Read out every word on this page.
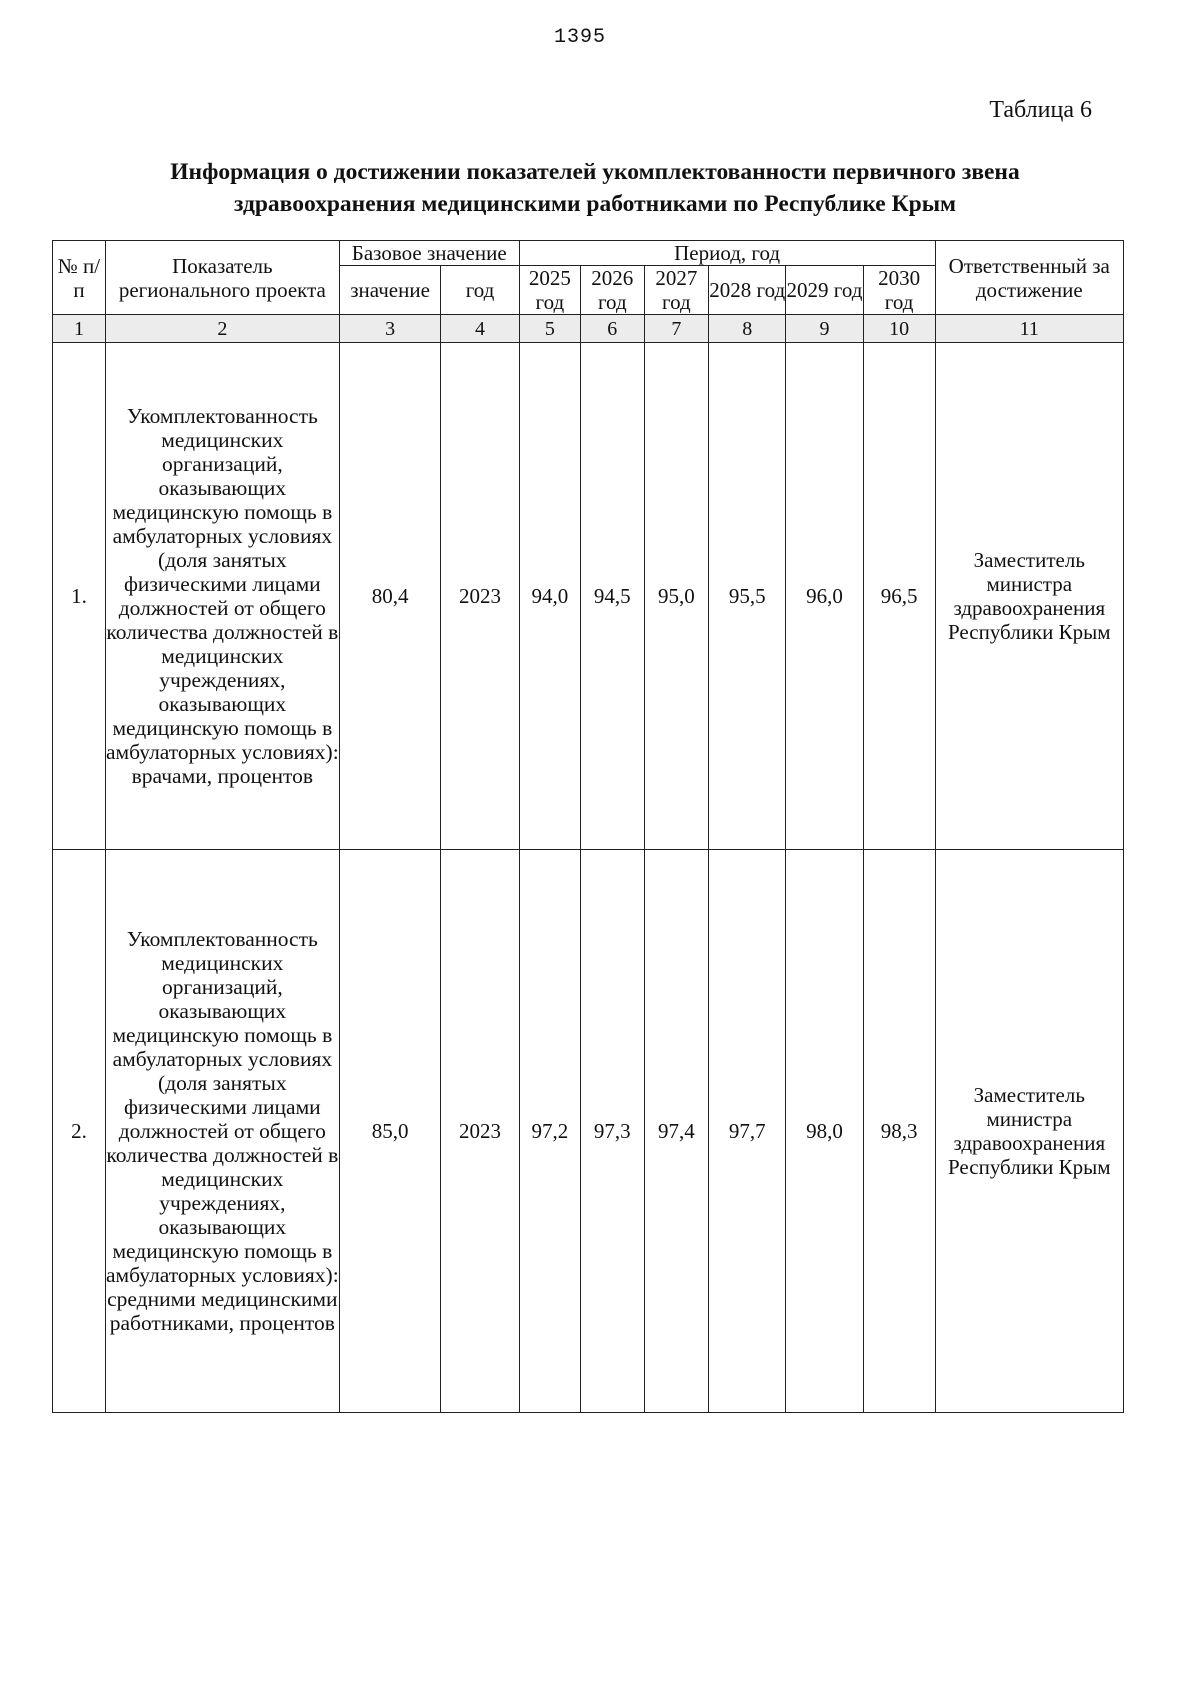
1395
Таблица 6
Информация о достижении показателей укомплектованности первичного звена
здравоохранения медицинскими работниками по Республике Крым
№ п/п	Показатель регионального проекта	Базовое значение		Период, год						Ответственный за достижение
		значение	год	2025 год	2026 год	2027 год	2028 год	2029 год	2030 год	
1	2	3	4	5	6	7	8	9	10	11
1.	Укомплектованность медицинских организаций, оказывающих медицинскую помощь в амбулаторных условиях (доля занятых физическими лицами должностей от общего количества должностей в медицинских учреждениях, оказывающих медицинскую помощь в амбулаторных условиях): врачами, процентов	80,4	2023	94,0	94,5	95,0	95,5	96,0	96,5	Заместитель министра здравоохранения Республики Крым
2.	Укомплектованность медицинских организаций, оказывающих медицинскую помощь в амбулаторных условиях (доля занятых физическими лицами должностей от общего количества должностей в медицинских учреждениях, оказывающих медицинскую помощь в амбулаторных условиях): средними медицинскими работниками, процентов	85,0	2023	97,2	97,3	97,4	97,7	98,0	98,3	Заместитель министра здравоохранения Республики Крым
